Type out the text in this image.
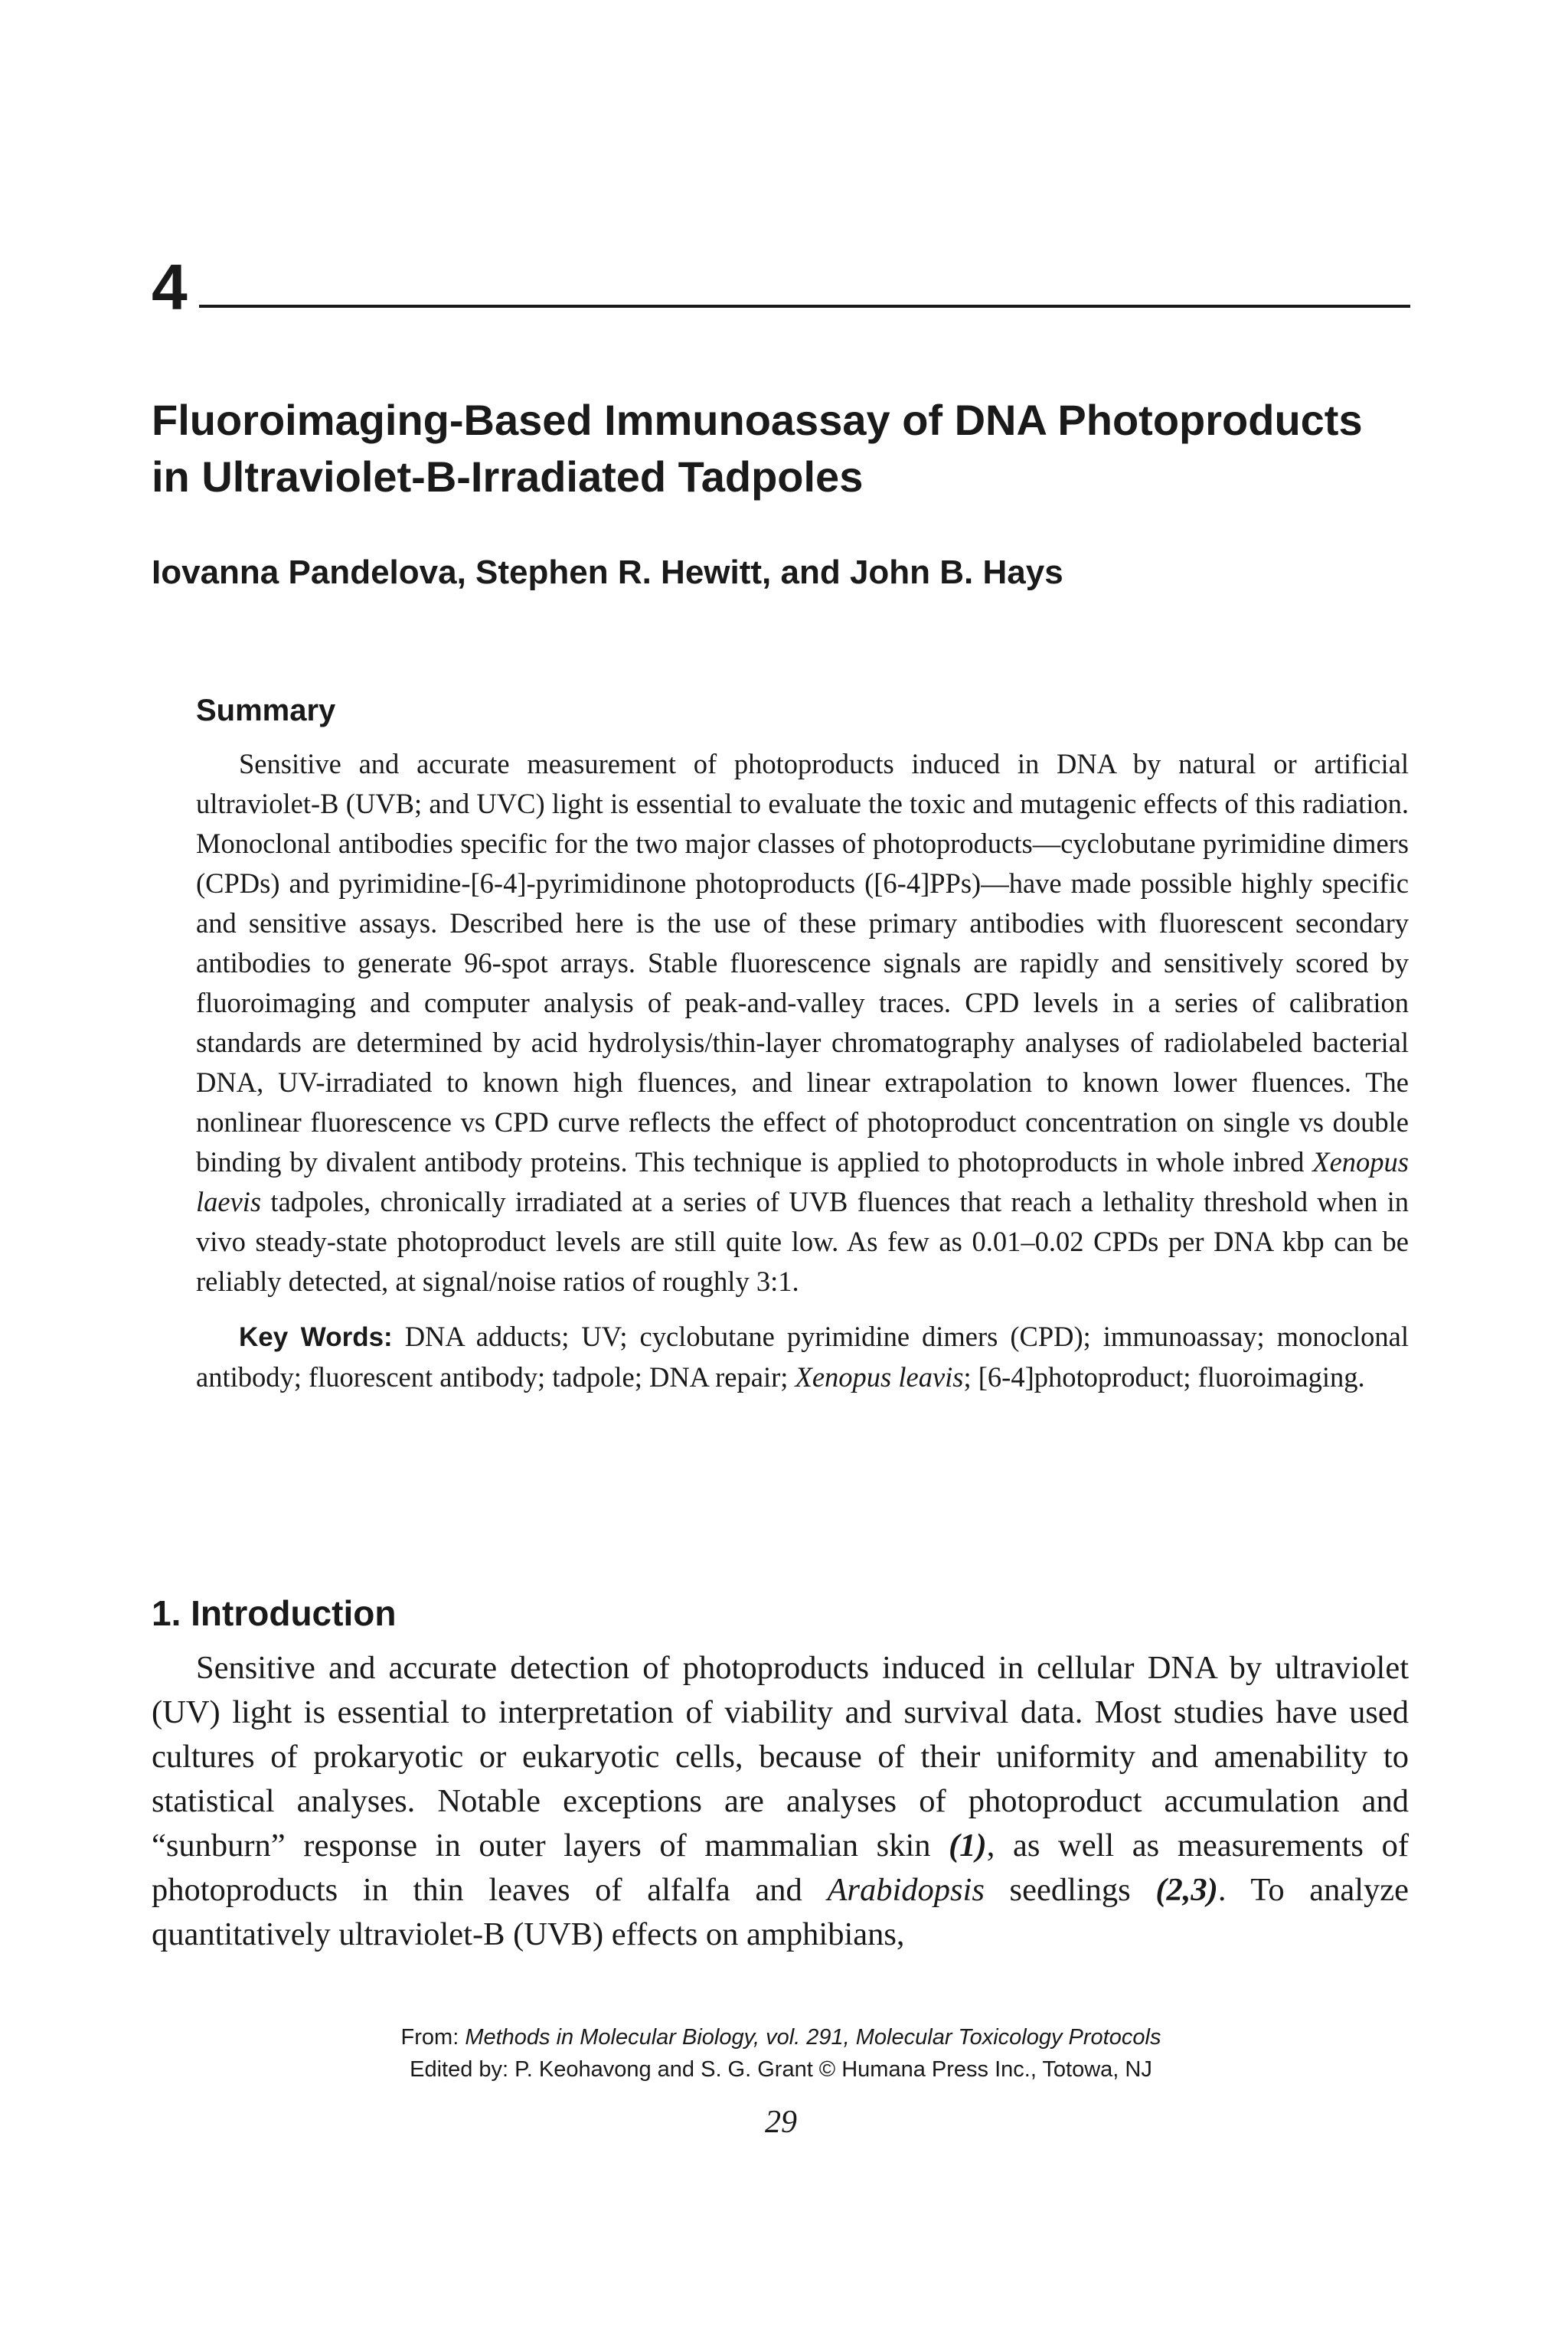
4
Fluoroimaging-Based Immunoassay of DNA Photoproducts
in Ultraviolet-B-Irradiated Tadpoles

Iovanna Pandelova, Stephen R. Hewitt, and John B. Hays

Summary

Sensitive and accurate measurement of photoproducts induced in DNA by natural or artificial ultraviolet-B (UVB; and UVC) light is essential to evaluate the toxic and mutagenic effects of this radiation. Monoclonal antibodies specific for the two major classes of photoproducts—cyclobutane pyrimidine dimers (CPDs) and pyrimidine-[6-4]-pyrimidinone photoproducts ([6-4]PPs)—have made possible highly specific and sensitive assays. Described here is the use of these primary antibodies with fluorescent secondary antibodies to generate 96-spot arrays. Stable fluorescence signals are rapidly and sensitively scored by fluoroimaging and computer analysis of peak-and-valley traces. CPD levels in a series of calibration standards are determined by acid hydrolysis/thin-layer chromatography analyses of radiolabeled bacterial DNA, UV-irradiated to known high fluences, and linear extrapolation to known lower fluences. The nonlinear fluorescence vs CPD curve reflects the effect of photoproduct concentration on single vs double binding by divalent antibody proteins. This technique is applied to photoproducts in whole inbred Xenopus laevis tadpoles, chronically irradiated at a series of UVB fluences that reach a lethality threshold when in vivo steady-state photoproduct levels are still quite low. As few as 0.01–0.02 CPDs per DNA kbp can be reliably detected, at signal/noise ratios of roughly 3:1.

Key Words: DNA adducts; UV; cyclobutane pyrimidine dimers (CPD); immunoassay; monoclonal antibody; fluorescent antibody; tadpole; DNA repair; Xenopus leavis; [6-4]photoproduct; fluoroimaging.

1. Introduction

Sensitive and accurate detection of photoproducts induced in cellular DNA by ultraviolet (UV) light is essential to interpretation of viability and survival data. Most studies have used cultures of prokaryotic or eukaryotic cells, because of their uniformity and amenability to statistical analyses. Notable exceptions are analyses of photoproduct accumulation and “sunburn” response in outer layers of mammalian skin (1), as well as measurements of photoproducts in thin leaves of alfalfa and Arabidopsis seedlings (2,3). To analyze quantitatively ultraviolet-B (UVB) effects on amphibians,

From: Methods in Molecular Biology, vol. 291, Molecular Toxicology Protocols

Edited by: P. Keohavong and S. G. Grant © Humana Press Inc., Totowa, NJ

29
